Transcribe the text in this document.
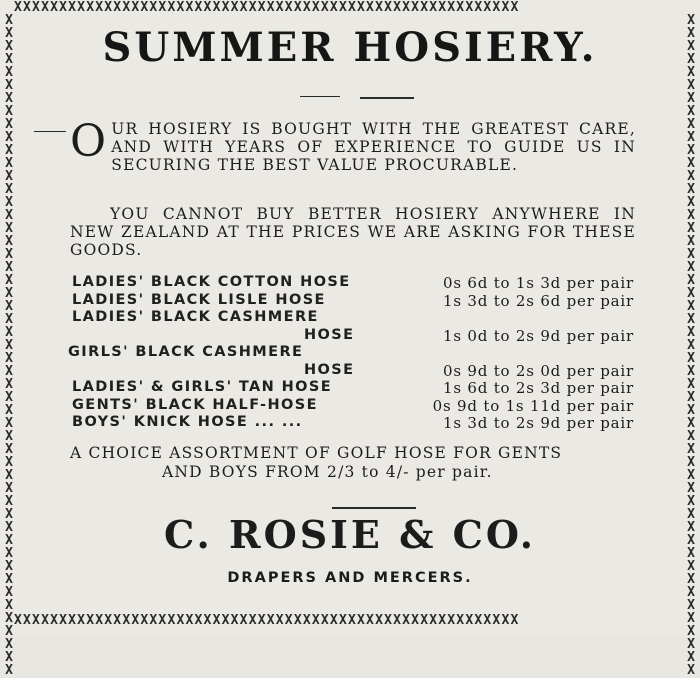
XXXXXXXXXXXXXXXXXXXXXXXXXXXXXXXXXXXXXXXXXXXXXXXXXXXXXXXX
XXXXXXXXXXXXXXXXXXXXXXXXXXXXXXXXXXXXXXXXXXXXXXXXXXXXXXXX
XXXXXXXXXXXXXXXXXXXXXXXXXXXXXXXXXXXXXXXXXXXXXXXXXXX
XXXXXXXXXXXXXXXXXXXXXXXXXXXXXXXXXXXXXXXXXXXXXXXXXXX
SUMMER HOSIERY.
OUR HOSIERY IS BOUGHT WITH THE GREATEST CARE, AND WITH YEARS OF EXPERIENCE TO GUIDE US IN SECURING THE BEST VALUE PROCURABLE.
YOU CANNOT BUY BETTER HOSIERY ANYWHERE IN NEW ZEALAND AT THE PRICES WE ARE ASKING FOR THESE GOODS.
LADIES' BLACK COTTON HOSE	0s 6d to 1s 3d per pair
LADIES' BLACK LISLE HOSE	1s 3d to 2s 6d per pair
LADIES' BLACK CASHMERE
HOSE	1s 0d to 2s 9d per pair
GIRLS' BLACK CASHMERE
HOSE	0s 9d to 2s 0d per pair
LADIES' & GIRLS' TAN HOSE	1s 6d to 2s 3d per pair
GENTS' BLACK HALF-HOSE	0s 9d to 1s 11d per pair
BOYS' KNICK HOSE ... ...	1s 3d to 2s 9d per pair
A CHOICE ASSORTMENT OF GOLF HOSE FOR GENTS
AND BOYS FROM 2/3 to 4/- per pair.
C. ROSIE & CO.
DRAPERS AND MERCERS.
